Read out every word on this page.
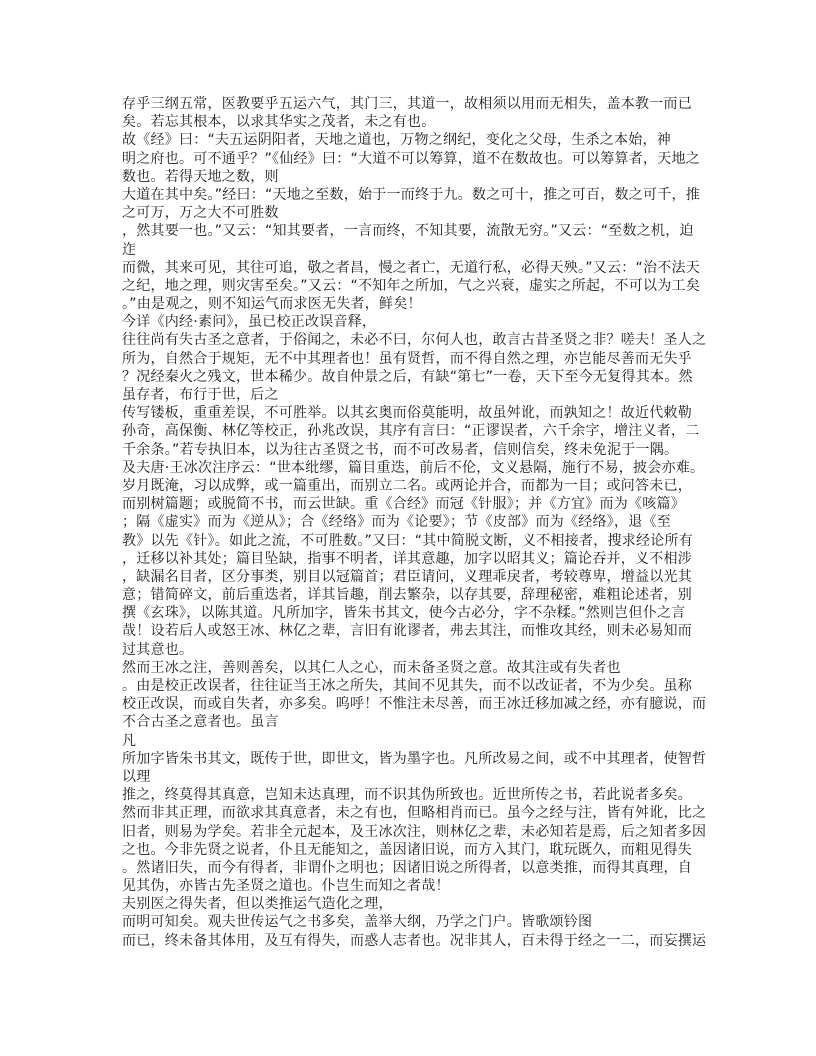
存乎三纲五常，医教要乎五运六气，其门三，其道一，故相须以用而无相失，盖本教一而已
矣。若忘其根本，以求其华实之茂者，未之有也。
故《经》曰：“夫五运阴阳者，天地之道也，万物之纲纪，变化之父母，生杀之本始，神
明之府也。可不通乎？”《仙经》曰：“大道不可以筹算，道不在数故也。可以筹算者，天地之
数也。若得天地之数，则
大道在其中矣。”经曰：“天地之至数，始于一而终于九。数之可十，推之可百，数之可千，推
之可万，万之大不可胜数
，然其要一也。”又云：“知其要者，一言而终，不知其要，流散无穷。”又云：“至数之机，迫
迮
而微，其来可见，其往可追，敬之者昌，慢之者亡，无道行私，必得天殃。”又云：“治不法天
之纪，地之理，则灾害至矣。”又云：“不知年之所加，气之兴衰，虚实之所起，不可以为工矣
。”由是观之，则不知运气而求医无失者，鲜矣！
今详《内经·素问》，虽已校正改误音释，
往往尚有失古圣之意者，于俗闻之，未必不曰，尔何人也，敢言古昔圣贤之非？嗟夫！圣人之
所为，自然合于规矩，无不中其理者也！虽有贤哲，而不得自然之理，亦岂能尽善而无失乎
？况经秦火之残文，世本稀少。故自仲景之后，有缺“第七”一卷，天下至今无复得其本。然
虽存者，布行于世，后之
传写镂板，重重差误，不可胜举。以其玄奥而俗莫能明，故虽舛讹，而孰知之！故近代敕勒
孙奇，高保衡、林亿等校正，孙兆改误，其序有言曰：“正谬误者，六千余字，增注义者，二
千余条。”若专执旧本，以为往古圣贤之书，而不可改易者，信则信矣，终未免泥于一隅。
及夫唐·王冰次注序云：“世本纰缪，篇目重迭，前后不伦，文义悬隔，施行不易，披会亦难。
岁月既淹，习以成弊，或一篇重出，而别立二名。或两论并合，而都为一目；或问答未已，
而别树篇题；或脱简不书，而云世缺。重《合经》而冠《针服》；并《方宜》而为《咳篇》
；隔《虚实》而为《逆从》；合《经络》而为《论要》；节《皮部》而为《经络》，退《至
教》以先《针》。如此之流，不可胜数。”又曰：“其中简脱文断，义不相接者，搜求经论所有
，迁移以补其处；篇目坠缺，指事不明者，详其意趣，加字以昭其义；篇论吞并，义不相涉
，缺漏名目者，区分事类，别目以冠篇首；君臣请问，义理乖戾者，考较尊卑，增益以光其
意；错简碎文，前后重迭者，详其旨趣，削去繁杂，以存其要，辞理秘密，难粗论述者，别
撰《玄珠》，以陈其道。凡所加字，皆朱书其文，使今古必分，字不杂糅。”然则岂但仆之言
哉！设若后人或怒王冰、林亿之辈，言旧有讹谬者，弗去其注，而惟攻其经，则未必易知而
过其意也。
然而王冰之注，善则善矣，以其仁人之心，而未备圣贤之意。故其注或有失者也
。由是校正改误者，往往证当王冰之所失，其间不见其失，而不以改证者，不为少矣。虽称
校正改误，而或自失者，亦多矣。呜呼！不惟注未尽善，而王冰迁移加减之经，亦有臆说，而
不合古圣之意者也。虽言
凡
所加字皆朱书其文，既传于世，即世文，皆为墨字也。凡所改易之间，或不中其理者，使智哲
以理
推之，终莫得其真意，岂知未达真理，而不识其伪所致也。近世所传之书，若此说者多矣。
然而非其正理，而欲求其真意者，未之有也，但略相肖而已。虽今之经与注，皆有舛讹，比之
旧者，则易为学矣。若非全元起本，及王冰次注，则林亿之辈，未必知若是焉，后之知者多因
之也。今非先贤之说者，仆且无能知之，盖因诸旧说，而方入其门，耽玩既久，而粗见得失
。然诸旧失，而今有得者，非谓仆之明也；因诸旧说之所得者，以意类推，而得其真理，自
见其伪，亦皆古先圣贤之道也。仆岂生而知之者哉！
夫别医之得失者，但以类推运气造化之理，
而明可知矣。观夫世传运气之书多矣，盖举大纲，乃学之门户。皆歌颂钤图
而已，终未备其体用，及互有得失，而惑人志者也。况非其人，百未得于经之一二，而妄撰运
